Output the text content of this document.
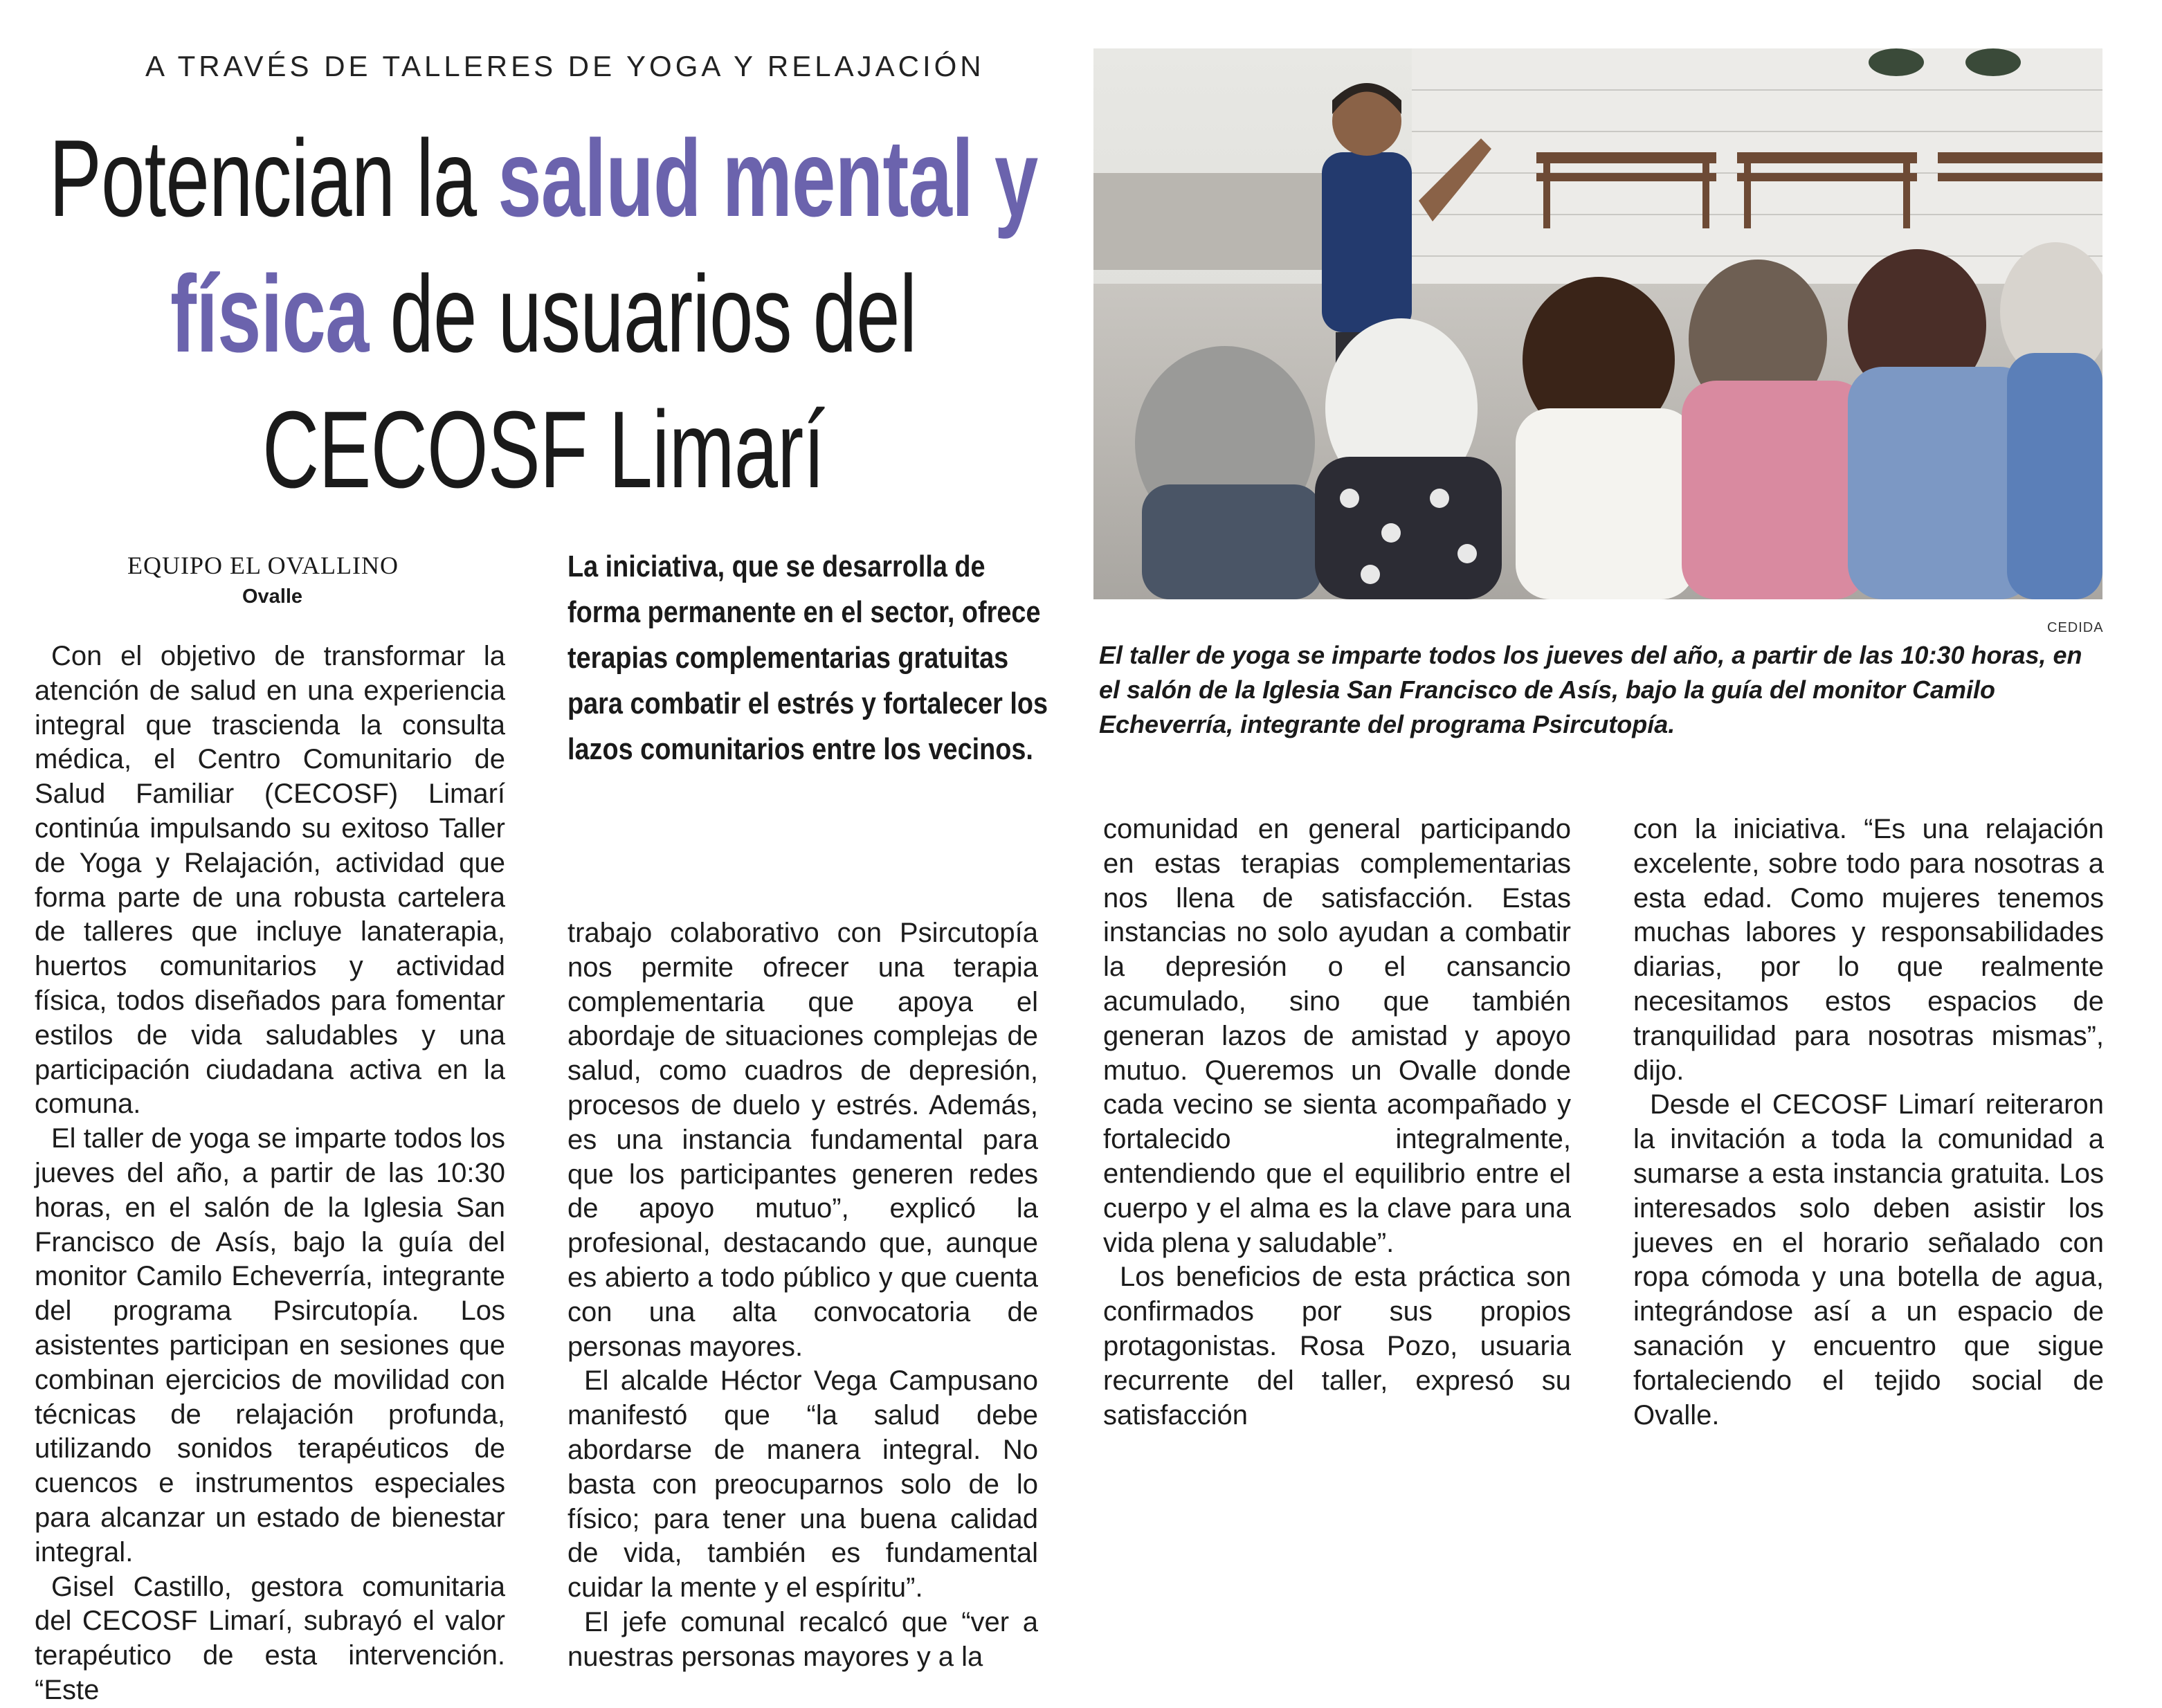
A TRAVÉS DE TALLERES DE YOGA Y RELAJACIÓN
Potencian la salud mental y física de usuarios del CECOSF Limarí
EQUIPO EL OVALLINO
Ovalle
La iniciativa, que se desarrolla de forma permanente en el sector, ofrece terapias complementarias gratuitas para combatir el estrés y fortalecer los lazos comunitarios entre los vecinos.
CEDIDA
El taller de yoga se imparte todos los jueves del año, a partir de las 10:30 horas, en el salón de la Iglesia San Francisco de Asís, bajo la guía del monitor Camilo Echeverría, integrante del programa Psircutopía.

Con el objetivo de transformar la atención de salud en una experiencia integral que trascienda la consulta médica, el Centro Comunitario de Salud Familiar (CECOSF) Limarí continúa impulsando su exitoso Taller de Yoga y Relajación, actividad que forma parte de una robusta cartelera de talleres que incluye lanaterapia, huertos comunitarios y actividad física, todos diseñados para fomentar estilos de vida saludables y una participación ciudadana activa en la comuna.

El taller de yoga se imparte todos los jueves del año, a partir de las 10:30 horas, en el salón de la Iglesia San Francisco de Asís, bajo la guía del monitor Camilo Echeverría, integrante del programa Psircutopía. Los asistentes participan en sesiones que combinan ejercicios de movilidad con técnicas de relajación profunda, utilizando sonidos terapéuticos de cuencos e instrumentos especiales para alcanzar un estado de bienestar integral.

Gisel Castillo, gestora comunitaria del CECOSF Limarí, subrayó el valor terapéutico de esta intervención. “Este

trabajo colaborativo con Psircutopía nos permite ofrecer una terapia complementaria que apoya el abordaje de situaciones complejas de salud, como cuadros de depresión, procesos de duelo y estrés. Además, es una instancia fundamental para que los participantes generen redes de apoyo mutuo”, explicó la profesional, destacando que, aunque es abierto a todo público y que cuenta con una alta convocatoria de personas mayores.

El alcalde Héctor Vega Campusano manifestó que “la salud debe abordarse de manera integral. No basta con preocuparnos solo de lo físico; para tener una buena calidad de vida, también es fundamental cuidar la mente y el espíritu”.

El jefe comunal recalcó que “ver a nuestras personas mayores y a la

comunidad en general participando en estas terapias complementarias nos llena de satisfacción. Estas instancias no solo ayudan a combatir la depresión o el cansancio acumulado, sino que también generan lazos de amistad y apoyo mutuo. Queremos un Ovalle donde cada vecino se sienta acompañado y fortalecido integralmente, entendiendo que el equilibrio entre el cuerpo y el alma es la clave para una vida plena y saludable”.

Los beneficios de esta práctica son confirmados por sus propios protagonistas. Rosa Pozo, usuaria recurrente del taller, expresó su satisfacción

con la iniciativa. “Es una relajación excelente, sobre todo para nosotras a esta edad. Como mujeres tenemos muchas labores y responsabilidades diarias, por lo que realmente necesitamos estos espacios de tranquilidad para nosotras mismas”, dijo.

Desde el CECOSF Limarí reiteraron la invitación a toda la comunidad a sumarse a esta instancia gratuita. Los interesados solo deben asistir los jueves en el horario señalado con ropa cómoda y una botella de agua, integrándose así a un espacio de sanación y encuentro que sigue fortaleciendo el tejido social de Ovalle.
